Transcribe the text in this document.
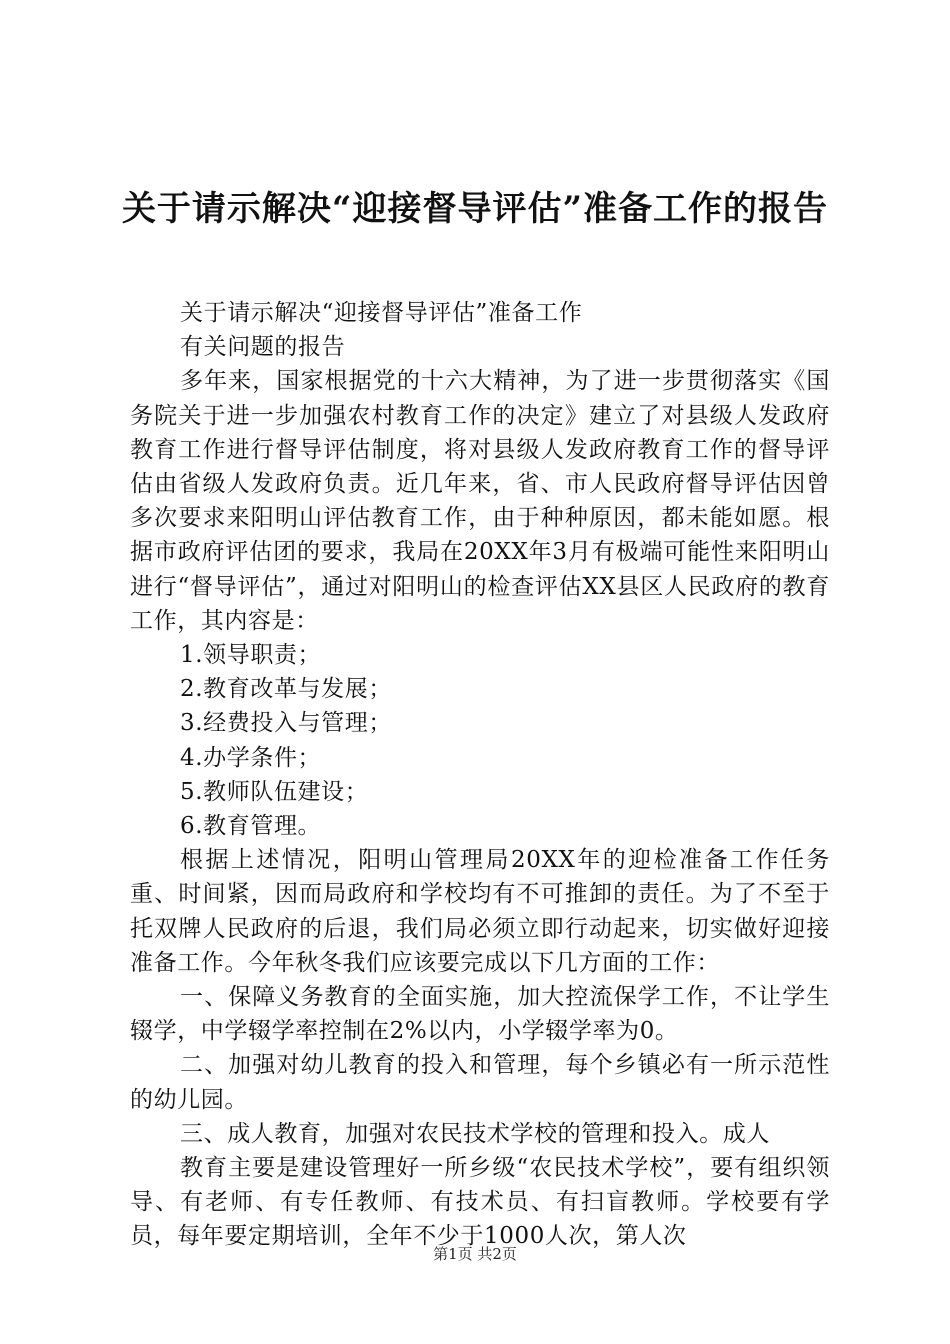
关于请示解决“迎接督导评估”准备工作的报告

关于请示解决“迎接督导评估”准备工作

有关问题的报告

多年来，国家根据党的十六大精神，为了进一步贯彻落实《国务院关于进一步加强农村教育工作的决定》建立了对县级人发政府教育工作进行督导评估制度，将对县级人发政府教育工作的督导评估由省级人发政府负责。近几年来，省、市人民政府督导评估因曾多次要求来阳明山评估教育工作，由于种种原因，都未能如愿。根据市政府评估团的要求，我局在20XX年3月有极端可能性来阳明山进行“督导评估”，通过对阳明山的检查评估XX县区人民政府的教育工作，其内容是：

1.领导职责；

2.教育改革与发展；

3.经费投入与管理；

4.办学条件；

5.教师队伍建设；

6.教育管理。

根据上述情况，阳明山管理局20XX年的迎检准备工作任务重、时间紧，因而局政府和学校均有不可推卸的责任。为了不至于托双牌人民政府的后退，我们局必须立即行动起来，切实做好迎接准备工作。今年秋冬我们应该要完成以下几方面的工作：

一、保障义务教育的全面实施，加大控流保学工作，不让学生辍学，中学辍学率控制在2%以内，小学辍学率为0。

二、加强对幼儿教育的投入和管理，每个乡镇必有一所示范性的幼儿园。

三、成人教育，加强对农民技术学校的管理和投入。成人

教育主要是建设管理好一所乡级“农民技术学校”，要有组织领导、有老师、有专任教师、有技术员、有扫盲教师。学校要有学员，每年要定期培训，全年不少于1000人次，第人次

第1页 共2页
